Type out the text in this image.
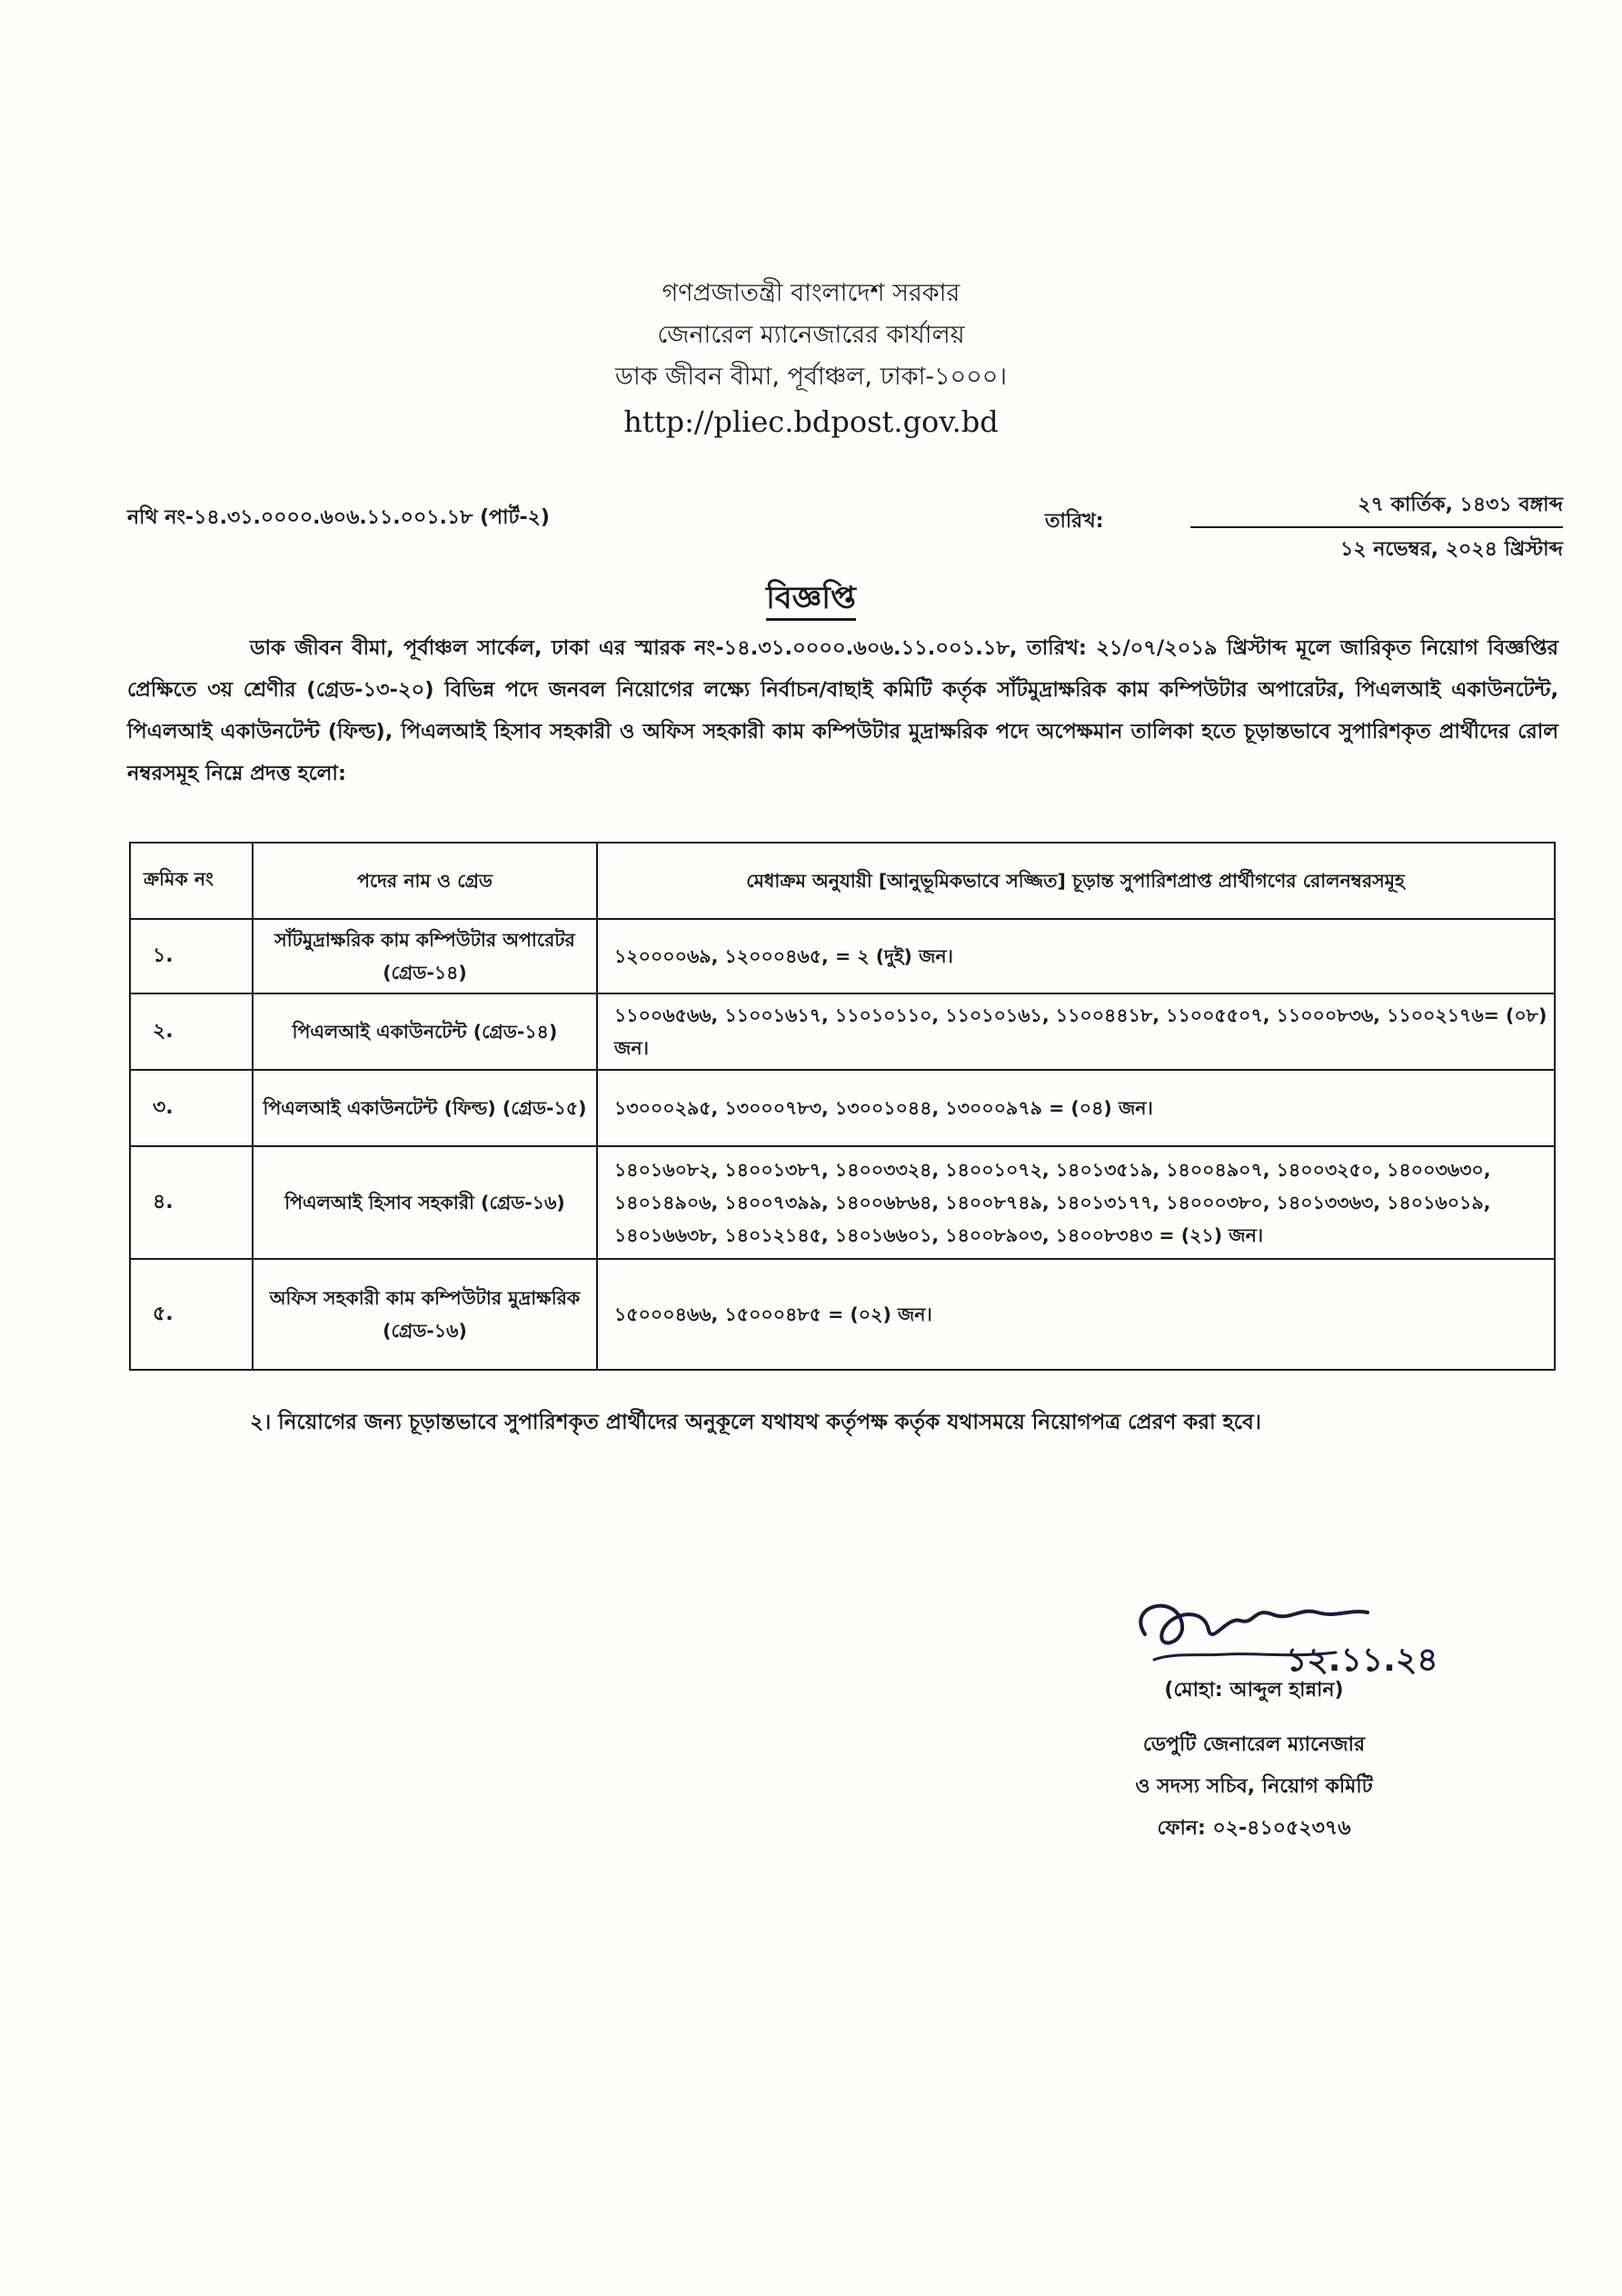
গণপ্রজাতন্ত্রী বাংলাদেশ সরকার
জেনারেল ম্যানেজারের কার্যালয়
ডাক জীবন বীমা, পূর্বাঞ্চল, ঢাকা-১০০০।
http://pliec.bdpost.gov.bd
নথি নং-১৪.৩১.০০০০.৬০৬.১১.০০১.১৮ (পার্ট-২)	তারিখ:
২৭ কার্তিক, ১৪৩১ বঙ্গাব্দ
১২ নভেম্বর, ২০২৪ খ্রিস্টাব্দ
বিজ্ঞপ্তি
ডাক জীবন বীমা, পূর্বাঞ্চল সার্কেল, ঢাকা এর স্মারক নং-১৪.৩১.০০০০.৬০৬.১১.০০১.১৮, তারিখ: ২১/০৭/২০১৯ খ্রিস্টাব্দ মূলে জারিকৃত নিয়োগ বিজ্ঞপ্তির প্রেক্ষিতে ৩য় শ্রেণীর (গ্রেড-১৩-২০) বিভিন্ন পদে জনবল নিয়োগের লক্ষ্যে নির্বাচন/বাছাই কমিটি কর্তৃক সাঁটমুদ্রাক্ষরিক কাম কম্পিউটার অপারেটর, পিএলআই একাউনটেন্ট, পিএলআই একাউনটেন্ট (ফিল্ড), পিএলআই হিসাব সহকারী ও অফিস সহকারী কাম কম্পিউটার মুদ্রাক্ষরিক পদে অপেক্ষমান তালিকা হতে চূড়ান্তভাবে সুপারিশকৃত প্রার্থীদের রোল নম্বরসমূহ নিম্নে প্রদত্ত হলো:
ক্রমিক নং	পদের নাম ও গ্রেড	মেধাক্রম অনুযায়ী [আনুভূমিকভাবে সজ্জিত] চূড়ান্ত সুপারিশপ্রাপ্ত প্রার্থীগণের রোলনম্বরসমূহ
১.	সাঁটমুদ্রাক্ষরিক কাম কম্পিউটার অপারেটর (গ্রেড-১৪)	১২০০০০৬৯, ১২০০০৪৬৫, = ২ (দুই) জন।
২.	পিএলআই একাউনটেন্ট (গ্রেড-১৪)	১১০০৬৫৬৬, ১১০০১৬১৭, ১১০১০১১০, ১১০১০১৬১, ১১০০৪৪১৮, ১১০০৫৫০৭, ১১০০০৮৩৬, ১১০০২১৭৬= (০৮) জন।
৩.	পিএলআই একাউনটেন্ট (ফিল্ড) (গ্রেড-১৫)	১৩০০০২৯৫, ১৩০০০৭৮৩, ১৩০০১০৪৪, ১৩০০০৯৭৯ = (০৪) জন।
৪.	পিএলআই হিসাব সহকারী (গ্রেড-১৬)	১৪০১৬০৮২, ১৪০০১৩৮৭, ১৪০০৩৩২৪, ১৪০০১০৭২, ১৪০১৩৫১৯, ১৪০০৪৯০৭, ১৪০০৩২৫০, ১৪০০৩৬৩০, ১৪০১৪৯০৬, ১৪০০৭৩৯৯, ১৪০০৬৮৬৪, ১৪০০৮৭৪৯, ১৪০১৩১৭৭, ১৪০০০৩৮০, ১৪০১৩৩৬৩, ১৪০১৬০১৯, ১৪০১৬৬৩৮, ১৪০১২১৪৫, ১৪০১৬৬০১, ১৪০০৮৯০৩, ১৪০০৮৩৪৩ = (২১) জন।
৫.	অফিস সহকারী কাম কম্পিউটার মুদ্রাক্ষরিক (গ্রেড-১৬)	১৫০০০৪৬৬, ১৫০০০৪৮৫ = (০২) জন।
২। নিয়োগের জন্য চূড়ান্তভাবে সুপারিশকৃত প্রার্থীদের অনুকূলে যথাযথ কর্তৃপক্ষ কর্তৃক যথাসময়ে নিয়োগপত্র প্রেরণ করা হবে।
১২.১১.২৪
(মোহা: আব্দুল হান্নান)
ডেপুটি জেনারেল ম্যানেজার
ও সদস্য সচিব, নিয়োগ কমিটি
ফোন: ০২-৪১০৫২৩৭৬
